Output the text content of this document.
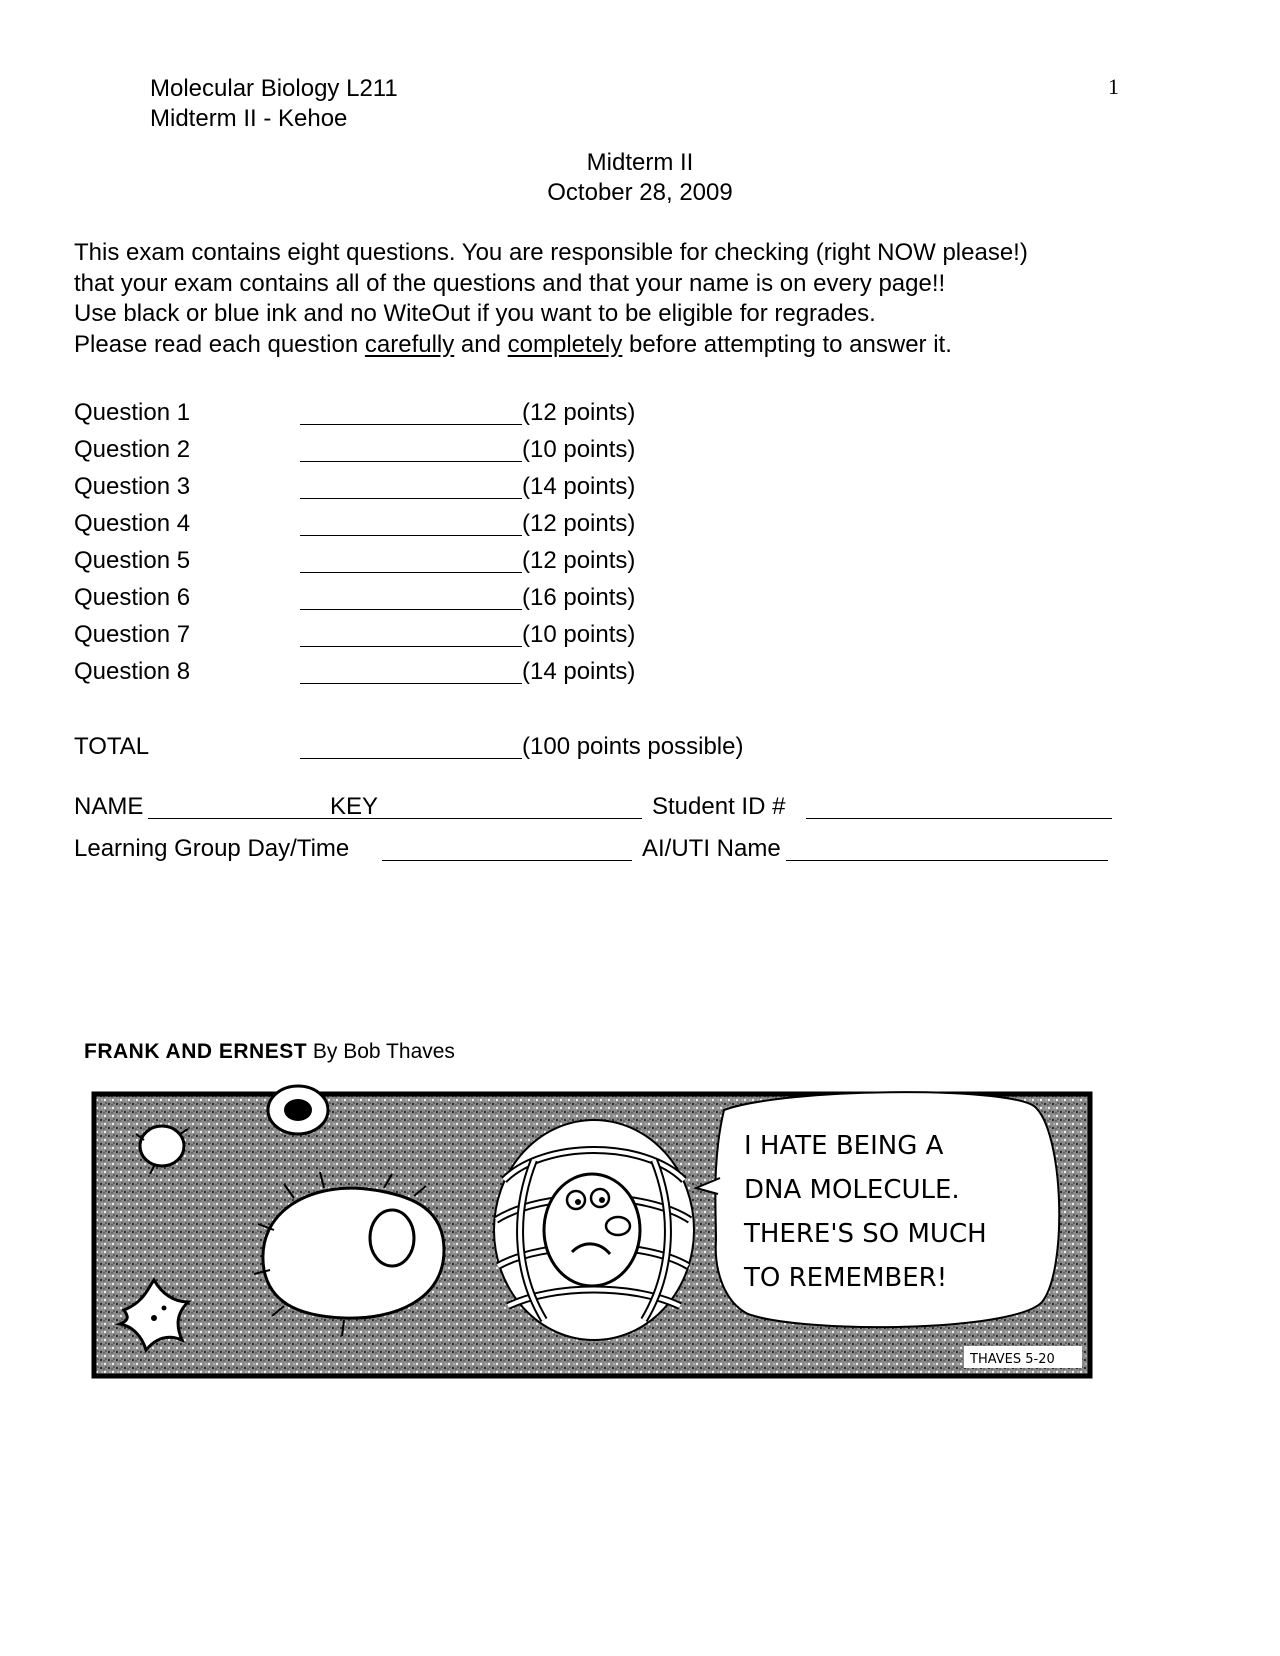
Molecular Biology L211
Midterm II - Kehoe
1
Midterm II
October 28, 2009
This exam contains eight questions. You are responsible for checking (right NOW please!)
that your exam contains all of the questions and that your name is on every page!!
Use black or blue ink and no WiteOut if you want to be eligible for regrades.
Please read each question carefully and completely before attempting to answer it.
Question 1	(12 points)
Question 2	(10 points)
Question 3	(14 points)
Question 4	(12 points)
Question 5	(12 points)
Question 6	(16 points)
Question 7	(10 points)
Question 8	(14 points)
TOTAL	(100 points possible)
NAME	KEY	Student ID #
Learning Group Day/Time	AI/UTI Name
FRANK AND ERNEST By Bob Thaves
I HATE BEING A
DNA MOLECULE.
THERE'S SO MUCH
TO REMEMBER!
THAVES 5-20
